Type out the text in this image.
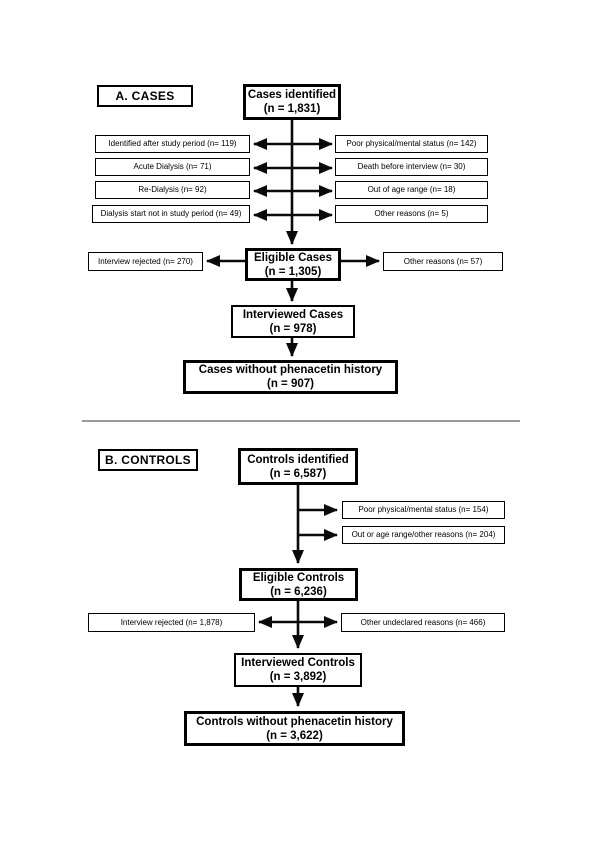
A. CASES	Cases identified
(n = 1,831)
Identified after study period (n= 119)
Acute Dialysis (n= 71)
Re-Dialysis (n= 92)
Dialysis start not in study period (n= 49)
Poor physical/mental status (n= 142)
Death before interview (n= 30)
Out of age range (n= 18)
Other reasons (n= 5)
Eligible Cases
(n = 1,305)
Interview rejected (n= 270)	Other reasons (n= 57)
Interviewed Cases
(n = 978)
Cases without phenacetin history
(n = 907)
B. CONTROLS	Controls identified
(n = 6,587)
Poor physical/mental status (n= 154)
Out or age range/other reasons (n= 204)
Eligible Controls
(n = 6,236)
Interview rejected (n= 1,878)	Other undeclared reasons (n= 466)
Interviewed Controls
(n = 3,892)
Controls without phenacetin history
(n = 3,622)
